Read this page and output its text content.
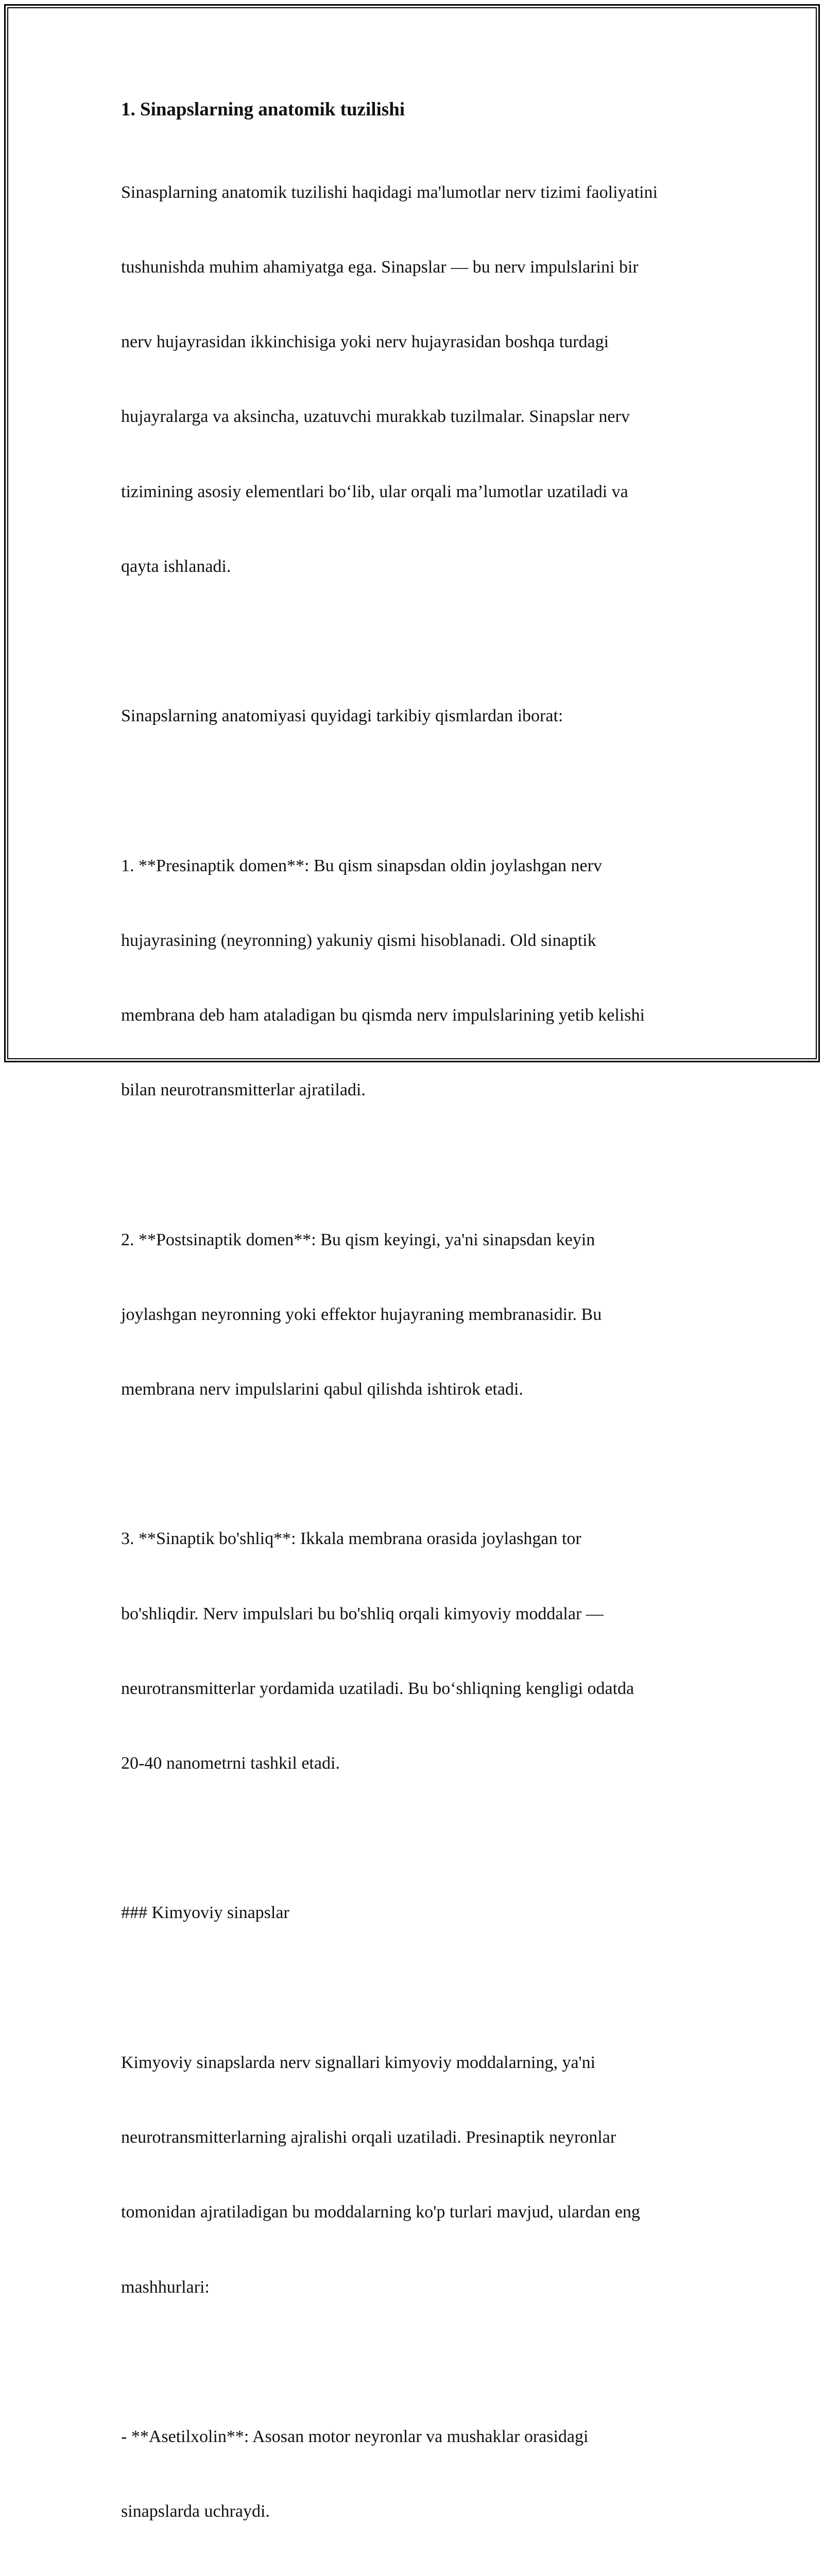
1. Sinapslarning anatomik tuzilishi

Sinasplarning anatomik tuzilishi haqidagi ma'lumotlar nerv tizimi faoliyatini

tushunishda muhim ahamiyatga ega. Sinapslar — bu nerv impulslarini bir

nerv hujayrasidan ikkinchisiga yoki nerv hujayrasidan boshqa turdagi

hujayralarga va aksincha, uzatuvchi murakkab tuzilmalar. Sinapslar nerv

tizimining asosiy elementlari bo‘lib, ular orqali ma’lumotlar uzatiladi va

qayta ishlanadi.

Sinapslarning anatomiyasi quyidagi tarkibiy qismlardan iborat:

1. **Presinaptik domen**: Bu qism sinapsdan oldin joylashgan nerv

hujayrasining (neyronning) yakuniy qismi hisoblanadi. Old sinaptik

membrana deb ham ataladigan bu qismda nerv impulslarining yetib kelishi

bilan neurotransmitterlar ajratiladi.

2. **Postsinaptik domen**: Bu qism keyingi, ya'ni sinapsdan keyin

joylashgan neyronning yoki effektor hujayraning membranasidir. Bu

membrana nerv impulslarini qabul qilishda ishtirok etadi.

3. **Sinaptik bo'shliq**: Ikkala membrana orasida joylashgan tor

bo'shliqdir. Nerv impulslari bu bo'shliq orqali kimyoviy moddalar —

neurotransmitterlar yordamida uzatiladi. Bu bo‘shliqning kengligi odatda

20-40 nanometrni tashkil etadi.

### Kimyoviy sinapslar

Kimyoviy sinapslarda nerv signallari kimyoviy moddalarning, ya'ni

neurotransmitterlarning ajralishi orqali uzatiladi. Presinaptik neyronlar

tomonidan ajratiladigan bu moddalarning ko'p turlari mavjud, ulardan eng

mashhurlari:

- **Asetilxolin**: Asosan motor neyronlar va mushaklar orasidagi

sinapslarda uchraydi.
